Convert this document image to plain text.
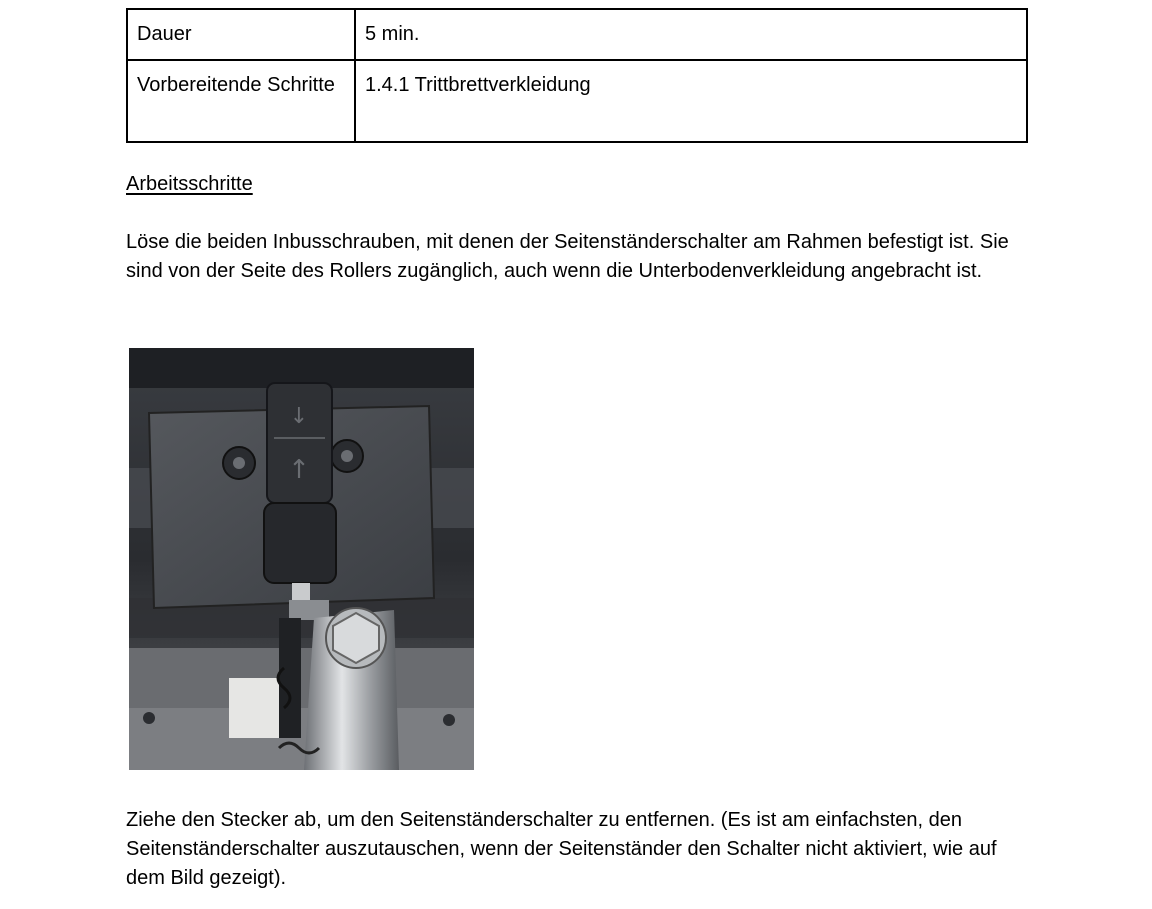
Dauer	5 min.
Vorbereitende Schritte	1.4.1 Trittbrettverkleidung
Arbeitsschritte

Löse die beiden Inbusschrauben, mit denen der Seitenständerschalter am Rahmen befestigt ist. Sie sind von der Seite des Rollers zugänglich, auch wenn die Unterbodenverkleidung angebracht ist.

↓
↑

Ziehe den Stecker ab, um den Seitenständerschalter zu entfernen. (Es ist am einfachsten, den Seitenständerschalter auszutauschen, wenn der Seitenständer den Schalter nicht aktiviert, wie auf dem Bild gezeigt).
